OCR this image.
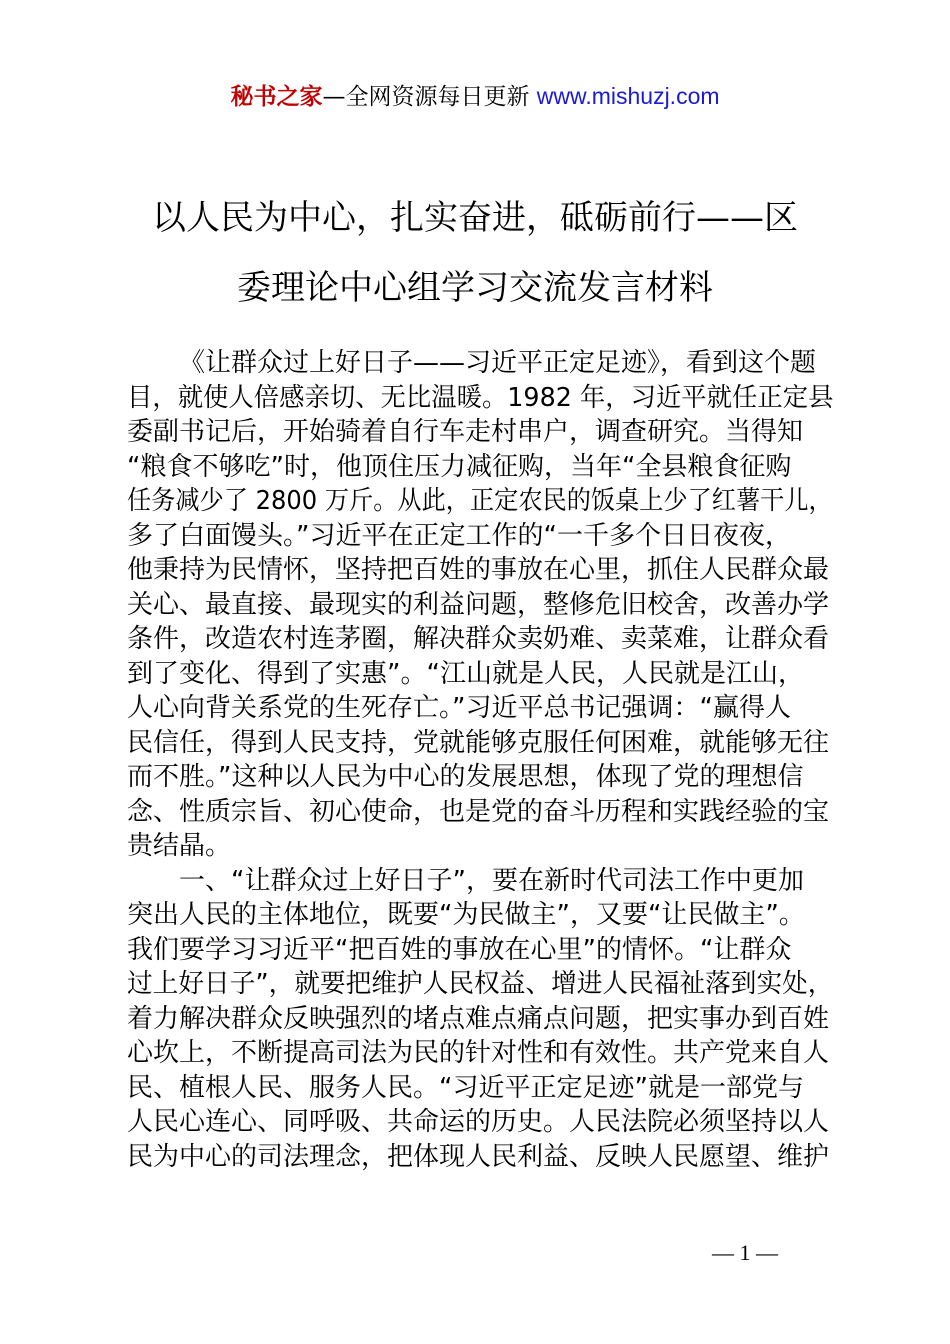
秘书之家—全网资源每日更新 www.mishuzj.com
以人民为中心，扎实奋进，砥砺前行——区
委理论中心组学习交流发言材料
《让群众过上好日子——习近平正定足迹》，看到这个题
目，就使人倍感亲切、无比温暖。1982 年，习近平就任正定县
委副书记后，开始骑着自行车走村串户，调查研究。当得知
“粮食不够吃”时，他顶住压力减征购，当年“全县粮食征购
任务减少了 2800 万斤。从此，正定农民的饭桌上少了红薯干儿，
多了白面馒头。”习近平在正定工作的“一千多个日日夜夜，
他秉持为民情怀，坚持把百姓的事放在心里，抓住人民群众最
关心、最直接、最现实的利益问题，整修危旧校舍，改善办学
条件，改造农村连茅圈，解决群众卖奶难、卖菜难，让群众看
到了变化、得到了实惠”。“江山就是人民，人民就是江山，
人心向背关系党的生死存亡。”习近平总书记强调：“赢得人
民信任，得到人民支持，党就能够克服任何困难，就能够无往
而不胜。”这种以人民为中心的发展思想，体现了党的理想信
念、性质宗旨、初心使命，也是党的奋斗历程和实践经验的宝
贵结晶。
一、“让群众过上好日子”，要在新时代司法工作中更加
突出人民的主体地位，既要“为民做主”，又要“让民做主”。
我们要学习习近平“把百姓的事放在心里”的情怀。“让群众
过上好日子”，就要把维护人民权益、增进人民福祉落到实处，
着力解决群众反映强烈的堵点难点痛点问题，把实事办到百姓
心坎上，不断提高司法为民的针对性和有效性。共产党来自人
民、植根人民、服务人民。“习近平正定足迹”就是一部党与
人民心连心、同呼吸、共命运的历史。人民法院必须坚持以人
民为中心的司法理念，把体现人民利益、反映人民愿望、维护
— 1 —
